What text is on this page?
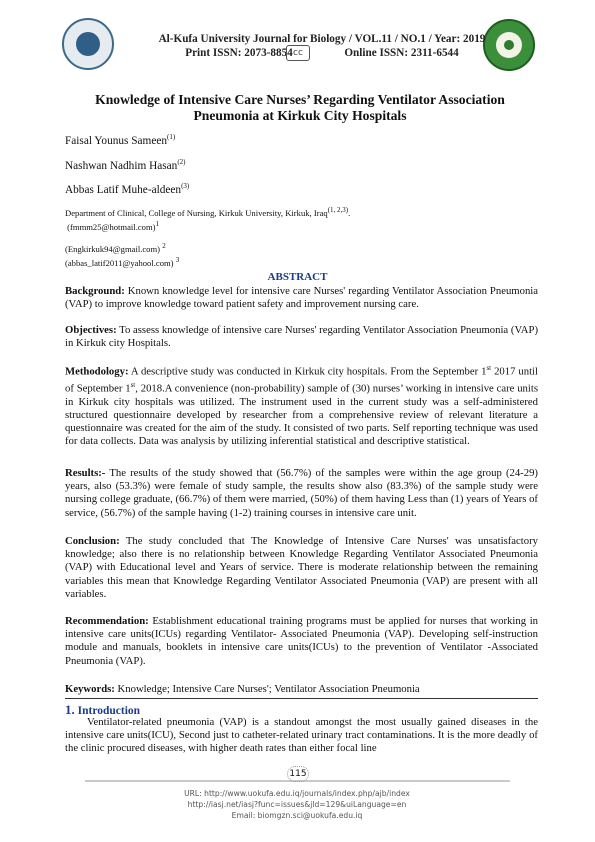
Al-Kufa University Journal for Biology / VOL.11 / NO.1 / Year: 2019
Print ISSN: 2073-8854	Online ISSN: 2311-6544
cc
Knowledge of Intensive Care Nurses’ Regarding Ventilator Association
Pneumonia at Kirkuk City Hospitals
Faisal Younus Sameen$^{(1)}$
Nashwan Nadhim Hasan$^{(2)}$
Abbas Latif Muhe-aldeen$^{(3)}$
Department of Clinical, College of Nursing, Kirkuk University, Kirkuk, Iraq$^{(1, 2,3)}$.
(fmmm25@hotmail.com)$^1$
(Engkirkuk94@gmail.com) $^2$
(abbas_latif2011@yahool.com) $^3$
ABSTRACT
Background: Known knowledge level for intensive care Nurses' regarding Ventilator Association Pneumonia (VAP) to improve knowledge toward patient safety and improvement nursing care.
Objectives: To assess knowledge of intensive care Nurses' regarding Ventilator Association Pneumonia (VAP) in Kirkuk city Hospitals.
Methodology: A descriptive study was conducted in Kirkuk city hospitals. From the September 1st 2017 until of September 1st, 2018.A convenience (non-probability) sample of (30) nurses’ working in intensive care units in Kirkuk city hospitals was utilized. The instrument used in the current study was a self-administered structured questionnaire developed by researcher from a comprehensive review of relevant literature a questionnaire was created for the aim of the study. It consisted of two parts. Self reporting technique was used for data collects. Data was analysis by utilizing inferential statistical and descriptive statistical.
Results:- The results of the study showed that (56.7%) of the samples were within the age group (24-29) years, also (53.3%) were female of study sample, the results show also (83.3%) of the sample study were nursing college graduate, (66.7%) of them were married, (50%) of them having Less than (1) years of Years of service, (56.7%) of the sample having (1-2) training courses in intensive care unit.
Conclusion: The study concluded that The Knowledge of Intensive Care Nurses' was unsatisfactory knowledge; also there is no relationship between Knowledge Regarding Ventilator Associated Pneumonia (VAP) with Educational level and Years of service. There is moderate relationship between the remaining variables this mean that Knowledge Regarding Ventilator Associated Pneumonia (VAP) are present with all variables.
Recommendation: Establishment educational training programs must be applied for nurses that working in intensive care units(ICUs) regarding Ventilator- Associated Pneumonia (VAP). Developing self-instruction module and manuals, booklets in intensive care units(ICUs) to the prevention of Ventilator -Associated Pneumonia (VAP).
Keywords: Knowledge; Intensive Care Nurses'; Ventilator Association Pneumonia
1. Introduction
Ventilator-related pneumonia (VAP) is a standout amongst the most usually gained diseases in the intensive care units(ICU), Second just to catheter-related urinary tract contaminations. It is the more deadly of the clinic procured diseases, with higher death rates than either focal line
115
URL: http://www.uokufa.edu.iq/journals/index.php/ajb/index
http://iasj.net/iasj?func=issues&jld=129&uiLanguage=en
Email: biomgzn.sci@uokufa.edu.iq
